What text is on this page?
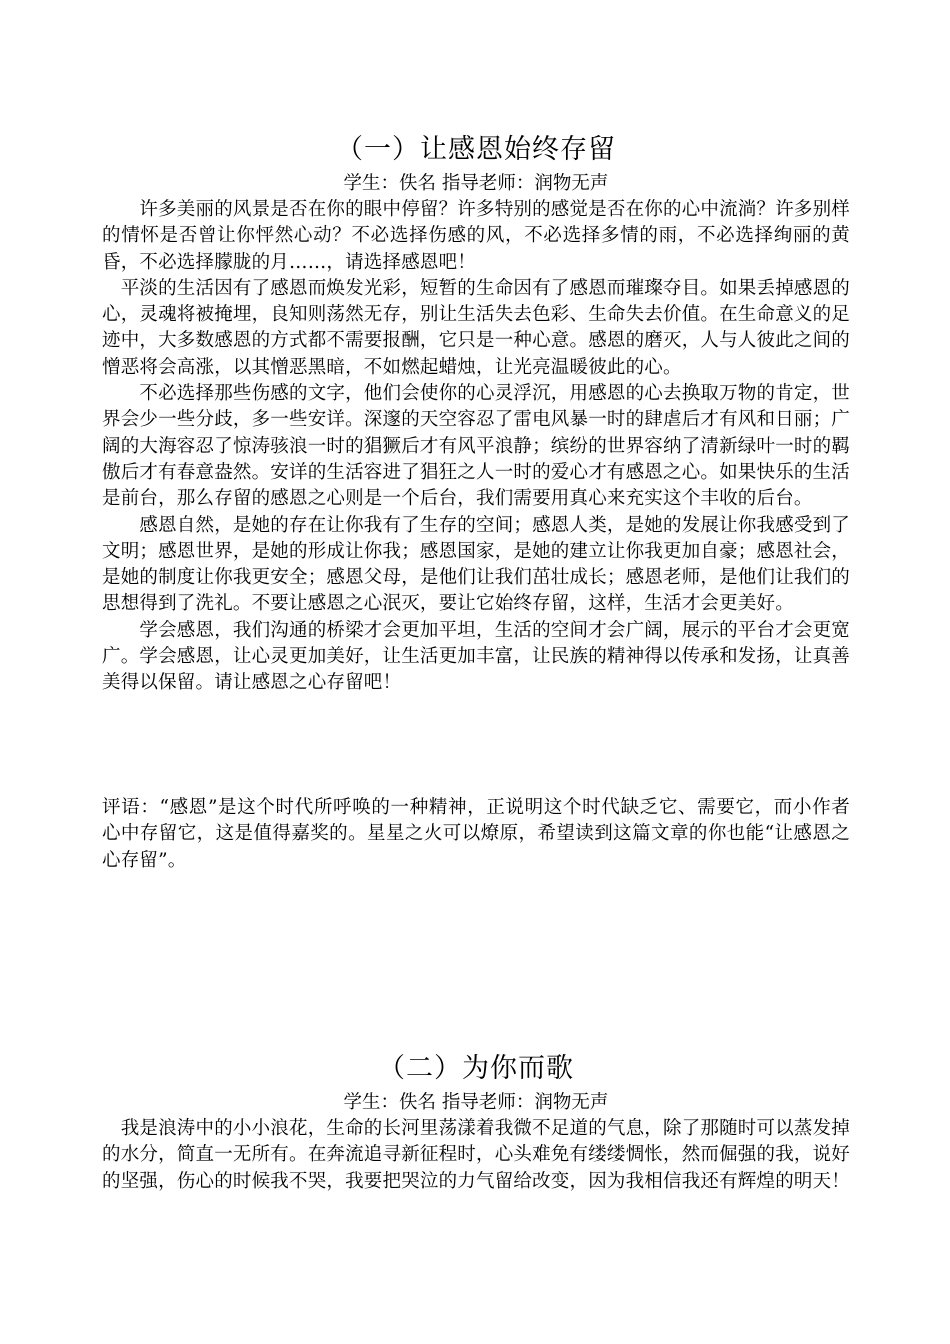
（一）让感恩始终存留

学生：佚名 指导老师：润物无声

　　许多美丽的风景是否在你的眼中停留？许多特别的感觉是否在你的心中流淌？许多别样的情怀是否曾让你怦然心动？不必选择伤感的风，不必选择多情的雨，不必选择绚丽的黄昏，不必选择朦胧的月……，请选择感恩吧！

　平淡的生活因有了感恩而焕发光彩，短暂的生命因有了感恩而璀璨夺目。如果丢掉感恩的心，灵魂将被掩埋，良知则荡然无存，别让生活失去色彩、生命失去价值。在生命意义的足迹中，大多数感恩的方式都不需要报酬，它只是一种心意。感恩的磨灭，人与人彼此之间的 憎恶将会高涨，以其憎恶黑暗，不如燃起蜡烛，让光亮温暖彼此的心。

　　不必选择那些伤感的文字，他们会使你的心灵浮沉，用感恩的心去换取万物的肯定，世界会少一些分歧，多一些安详。深邃的天空容忍了雷电风暴一时的肆虐后才有风和日丽；广阔的大海容忍了惊涛骇浪一时的猖獗后才有风平浪静；缤纷的世界容纳了清新绿叶一时的羁傲后才有春意盎然。安详的生活容进了猖狂之人一时的爱心才有感恩之心。如果快乐的生活是前台，那么存留的感恩之心则是一个后台，我们需要用真心来充实这个丰收的后台。

　　感恩自然，是她的存在让你我有了生存的空间；感恩人类，是她的发展让你我感受到了文明；感恩世界，是她的形成让你我；感恩国家，是她的建立让你我更加自豪；感恩社会，是她的制度让你我更安全；感恩父母，是他们让我们茁壮成长；感恩老师，是他们让我们的思想得到了洗礼。不要让感恩之心泯灭，要让它始终存留，这样，生活才会更美好。

　　学会感恩，我们沟通的桥梁才会更加平坦，生活的空间才会广阔，展示的平台才会更宽广。学会感恩，让心灵更加美好，让生活更加丰富，让民族的精神得以传承和发扬，让真善美得以保留。请让感恩之心存留吧！

评语：“感恩”是这个时代所呼唤的一种精神，正说明这个时代缺乏它、需要它，而小作者心中存留它，这是值得嘉奖的。星星之火可以燎原，希望读到这篇文章的你也能“让感恩之心存留”。

（二）为你而歌

学生：佚名 指导老师：润物无声

　我是浪涛中的小小浪花，生命的长河里荡漾着我微不足道的气息，除了那随时可以蒸发掉的水分，简直一无所有。在奔流追寻新征程时，心头难免有缕缕惆怅，然而倔强的我，说好的坚强，伤心的时候我不哭，我要把哭泣的力气留给改变，因为我相信我还有辉煌的明天！
